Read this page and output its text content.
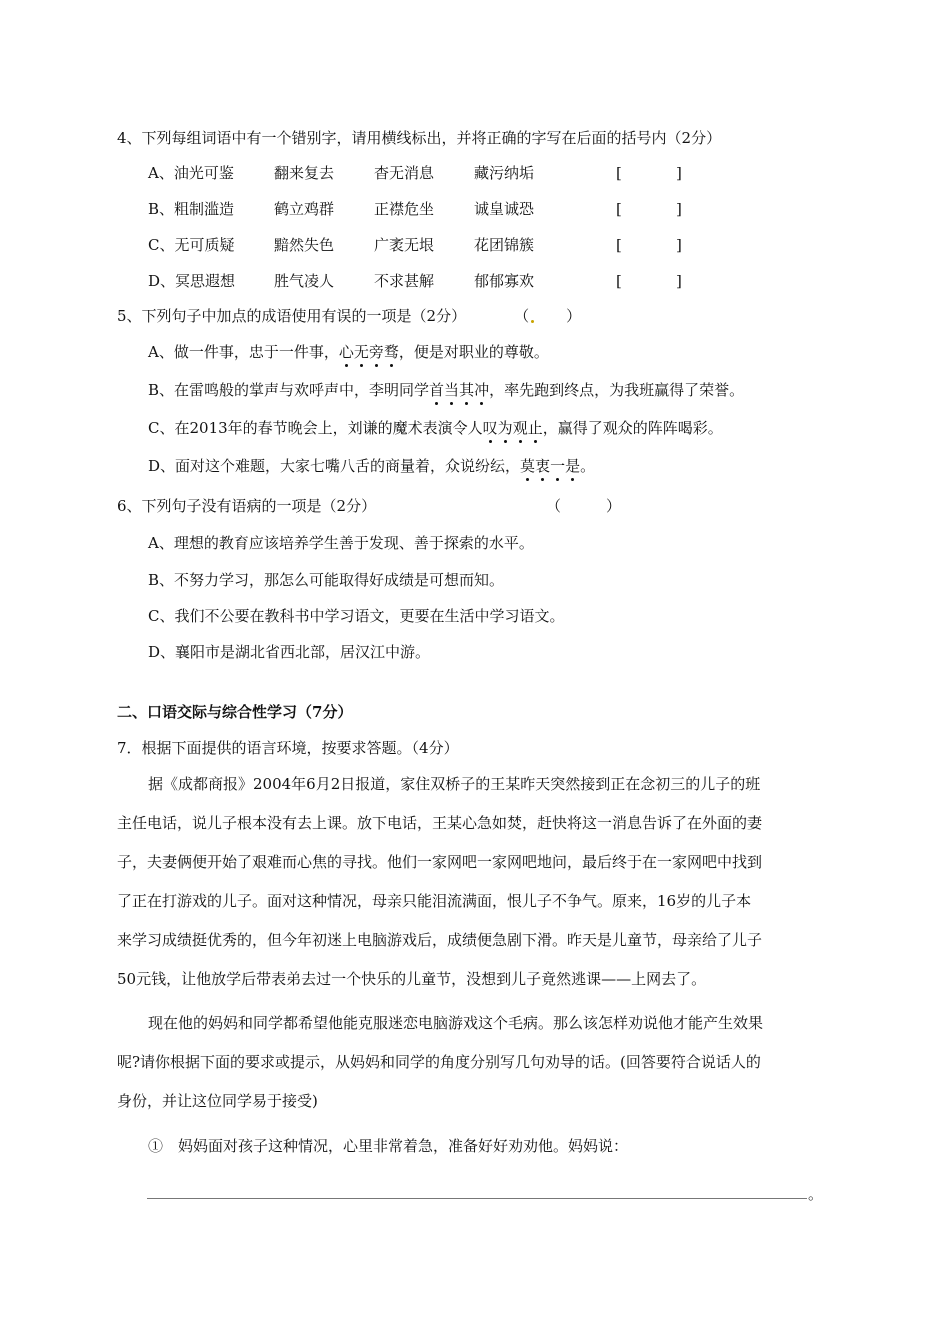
4、下列每组词语中有一个错别字，请用横线标出，并将正确的字写在后面的括号内（2分）
A、油光可鉴	翻来复去	杳无消息	藏污纳垢	[	]
B、粗制滥造	鹤立鸡群	正襟危坐	诚皇诚恐	[	]
C、无可质疑	黯然失色	广袤无垠	花团锦簇	[	]
D、冥思遐想	胜气凌人	不求甚解	郁郁寡欢	[	]
5、下列句子中加点的成语使用有误的一项是（2分）	（ ）
A、做一件事，忠于一件事，心无旁骛，便是对职业的尊敬。
B、在雷鸣般的掌声与欢呼声中，李明同学首当其冲，率先跑到终点，为我班赢得了荣誉。
C、在2013年的春节晚会上，刘谦的魔术表演令人叹为观止，赢得了观众的阵阵喝彩。
D、面对这个难题，大家七嘴八舌的商量着，众说纷纭，莫衷一是。
6、下列句子没有语病的一项是（2分）	（　　　）
A、理想的教育应该培养学生善于发现、善于探索的水平。
B、不努力学习，那怎么可能取得好成绩是可想而知。
C、我们不公要在教科书中学习语文，更要在生活中学习语文。
D、襄阳市是湖北省西北部，居汉江中游。
二、口语交际与综合性学习（7分）
7．根据下面提供的语言环境，按要求答题。（4分）
据《成都商报》2004年6月2日报道，家住双桥子的王某昨天突然接到正在念初三的儿子的班
主任电话，说儿子根本没有去上课。放下电话，王某心急如焚，赶快将这一消息告诉了在外面的妻
子，夫妻俩便开始了艰难而心焦的寻找。他们一家网吧一家网吧地问，最后终于在一家网吧中找到
了正在打游戏的儿子。面对这种情况，母亲只能泪流满面，恨儿子不争气。原来，16岁的儿子本
来学习成绩挺优秀的，但今年初迷上电脑游戏后，成绩便急剧下滑。昨天是儿童节，母亲给了儿子
50元钱，让他放学后带表弟去过一个快乐的儿童节，没想到儿子竟然逃课——上网去了。
现在他的妈妈和同学都希望他能克服迷恋电脑游戏这个毛病。那么该怎样劝说他才能产生效果
呢?请你根据下面的要求或提示，从妈妈和同学的角度分别写几句劝导的话。(回答要符合说话人的
身份，并让这位同学易于接受)
①　妈妈面对孩子这种情况，心里非常着急，准备好好劝劝他。妈妈说：
。
